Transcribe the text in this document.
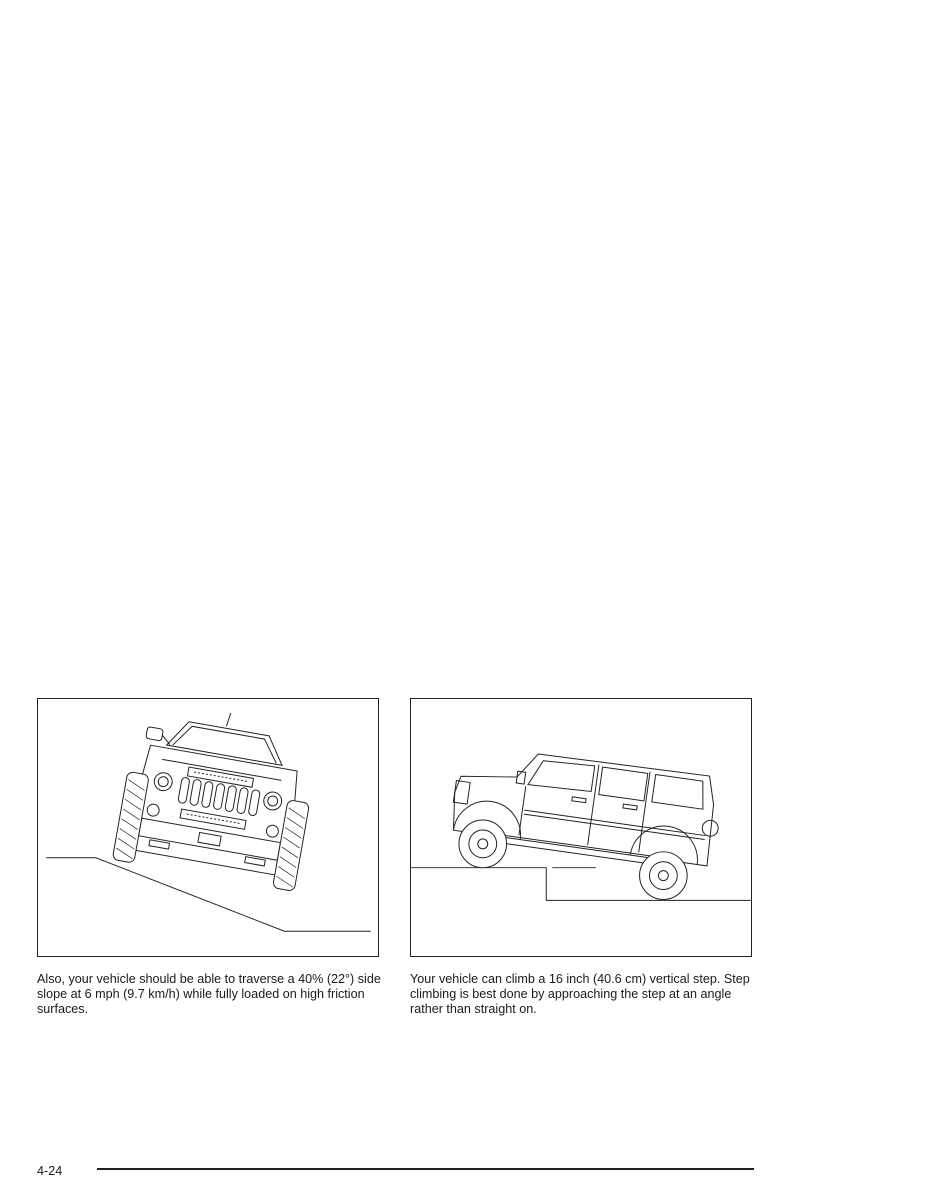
Also, your vehicle should be able to traverse a 40% (22°) side slope at 6 mph (9.7 km/h) while fully loaded on high friction surfaces.

Your vehicle can climb a 16 inch (40.6 cm) vertical step. Step climbing is best done by approaching the step at an angle rather than straight on.

4-24
